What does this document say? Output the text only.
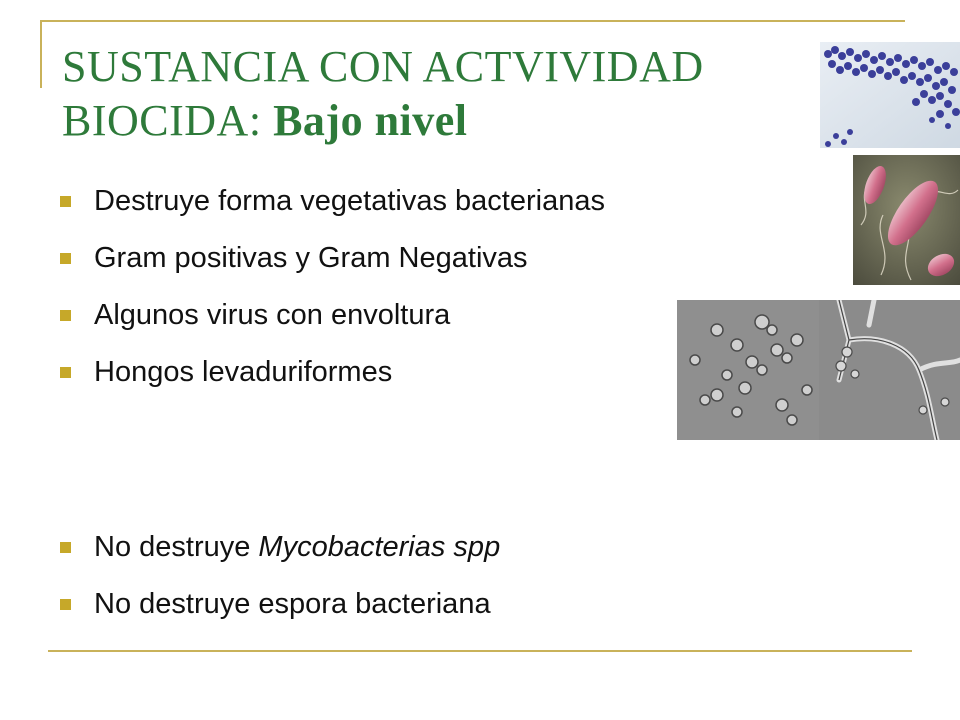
SUSTANCIA CON ACTVIVIDAD
BIOCIDA: Bajo nivel
Destruye forma vegetativas bacterianas
Gram positivas y Gram Negativas
Algunos virus con envoltura
Hongos levaduriformes
No destruye Mycobacterias spp
No destruye espora bacteriana
